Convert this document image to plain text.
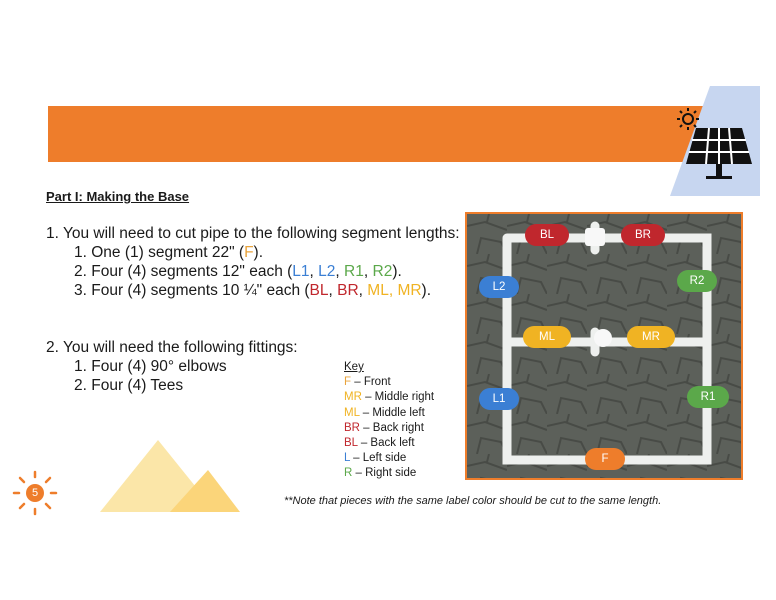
Part I: Making the Base
1. You will need to cut pipe to the following segment lengths:
1. One (1) segment 22" (F).
2. Four (4) segments 12" each (L1, L2, R1, R2).
3. Four (4) segments 10 ¼" each (BL, BR, ML, MR).
2. You will need the following fittings:
1. Four (4) 90° elbows
2. Four (4) Tees
Key
F – Front
MR – Middle right
ML – Middle left
BR – Back right
BL – Back left
L – Left side
R – Right side
BL	BR
L2	R2
ML	MR
L1	R1
F
**Note that pieces with the same label color should be cut to the same length.
5
